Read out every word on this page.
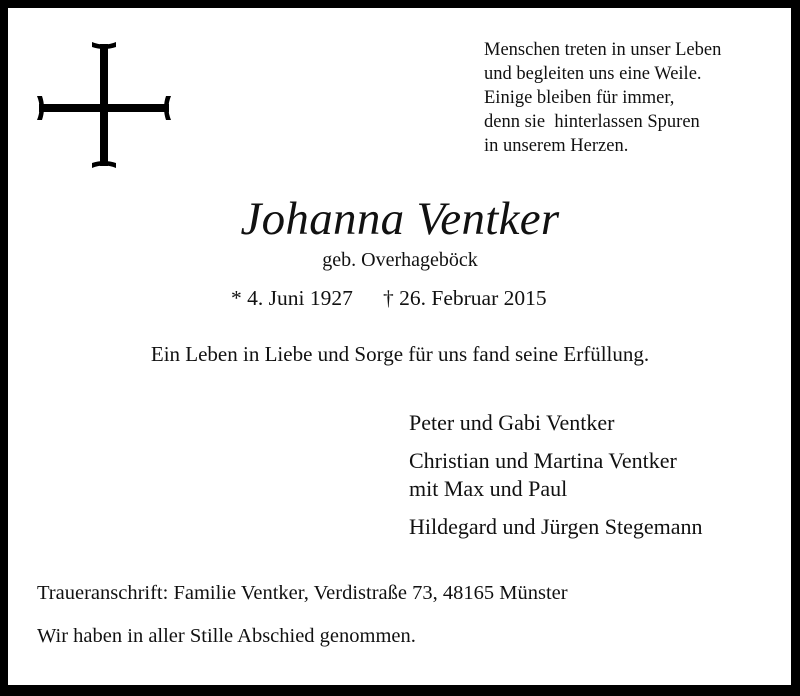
Menschen treten in unser Leben
und begleiten uns eine Weile.
Einige bleiben für immer,
denn sie  hinterlassen Spuren
in unserem Herzen.
Johanna Ventker
geb. Overhageböck
* 4. Juni 1927 † 26. Februar 2015
Ein Leben in Liebe und Sorge für uns fand seine Erfüllung.
Peter und Gabi Ventker
Christian und Martina Ventker
mit Max und Paul
Hildegard und Jürgen Stegemann
Traueranschrift: Familie Ventker, Verdistraße 73, 48165 Münster
Wir haben in aller Stille Abschied genommen.
